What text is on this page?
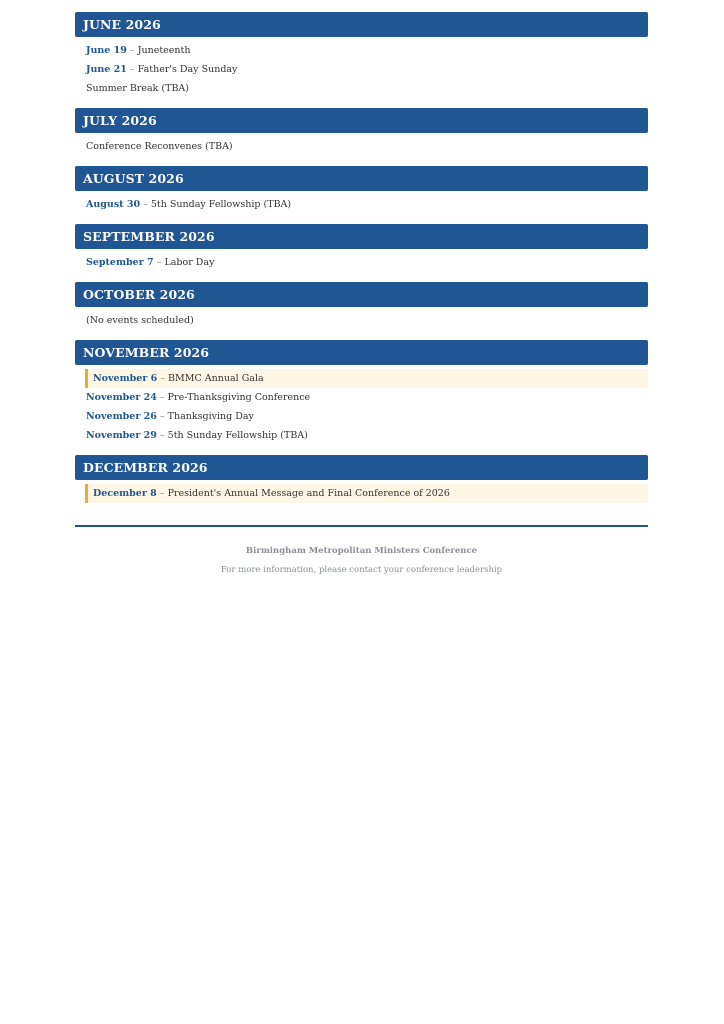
JUNE 2026
June 19 – Juneteenth
June 21 – Father's Day Sunday
Summer Break (TBA)
JULY 2026
Conference Reconvenes (TBA)
AUGUST 2026
August 30 – 5th Sunday Fellowship (TBA)
SEPTEMBER 2026
September 7 – Labor Day
OCTOBER 2026
(No events scheduled)
NOVEMBER 2026
November 6 – BMMC Annual Gala
November 24 – Pre-Thanksgiving Conference
November 26 – Thanksgiving Day
November 29 – 5th Sunday Fellowship (TBA)
DECEMBER 2026
December 8 – President's Annual Message and Final Conference of 2026
Birmingham Metropolitan Ministers Conference
For more information, please contact your conference leadership
